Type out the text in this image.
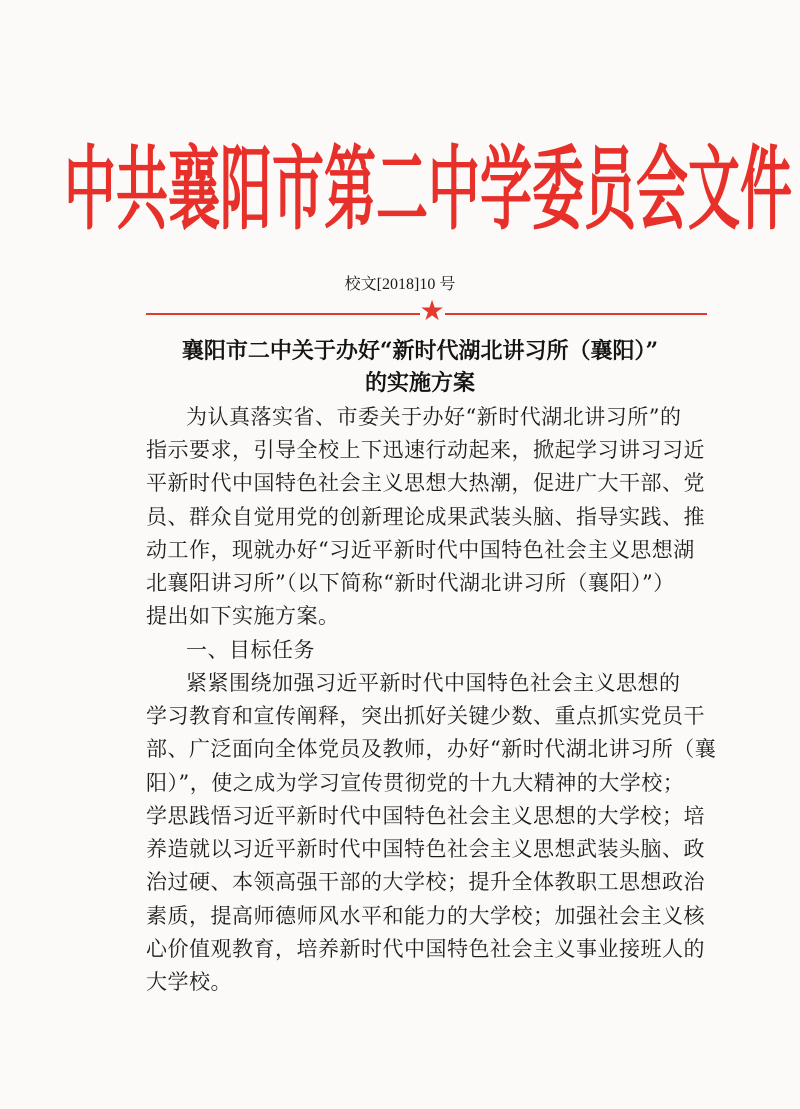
中共襄阳市第二中学委员会文件
校文[2018]10 号
★
襄阳市二中关于办好“新时代湖北讲习所（襄阳）”
的实施方案

为认真落实省、市委关于办好“新时代湖北讲习所”的

指示要求，引导全校上下迅速行动起来，掀起学习讲习习近

平新时代中国特色社会主义思想大热潮，促进广大干部、党

员、群众自觉用党的创新理论成果武装头脑、指导实践、推

动工作，现就办好“习近平新时代中国特色社会主义思想湖

北襄阳讲习所”（以下简称“新时代湖北讲习所（襄阳）”）

提出如下实施方案。

一、目标任务

紧紧围绕加强习近平新时代中国特色社会主义思想的

学习教育和宣传阐释，突出抓好关键少数、重点抓实党员干

部、广泛面向全体党员及教师，办好“新时代湖北讲习所（襄

阳）”，使之成为学习宣传贯彻党的十九大精神的大学校；

学思践悟习近平新时代中国特色社会主义思想的大学校；培

养造就以习近平新时代中国特色社会主义思想武装头脑、政

治过硬、本领高强干部的大学校；提升全体教职工思想政治

素质，提高师德师风水平和能力的大学校；加强社会主义核

心价值观教育，培养新时代中国特色社会主义事业接班人的

大学校。
